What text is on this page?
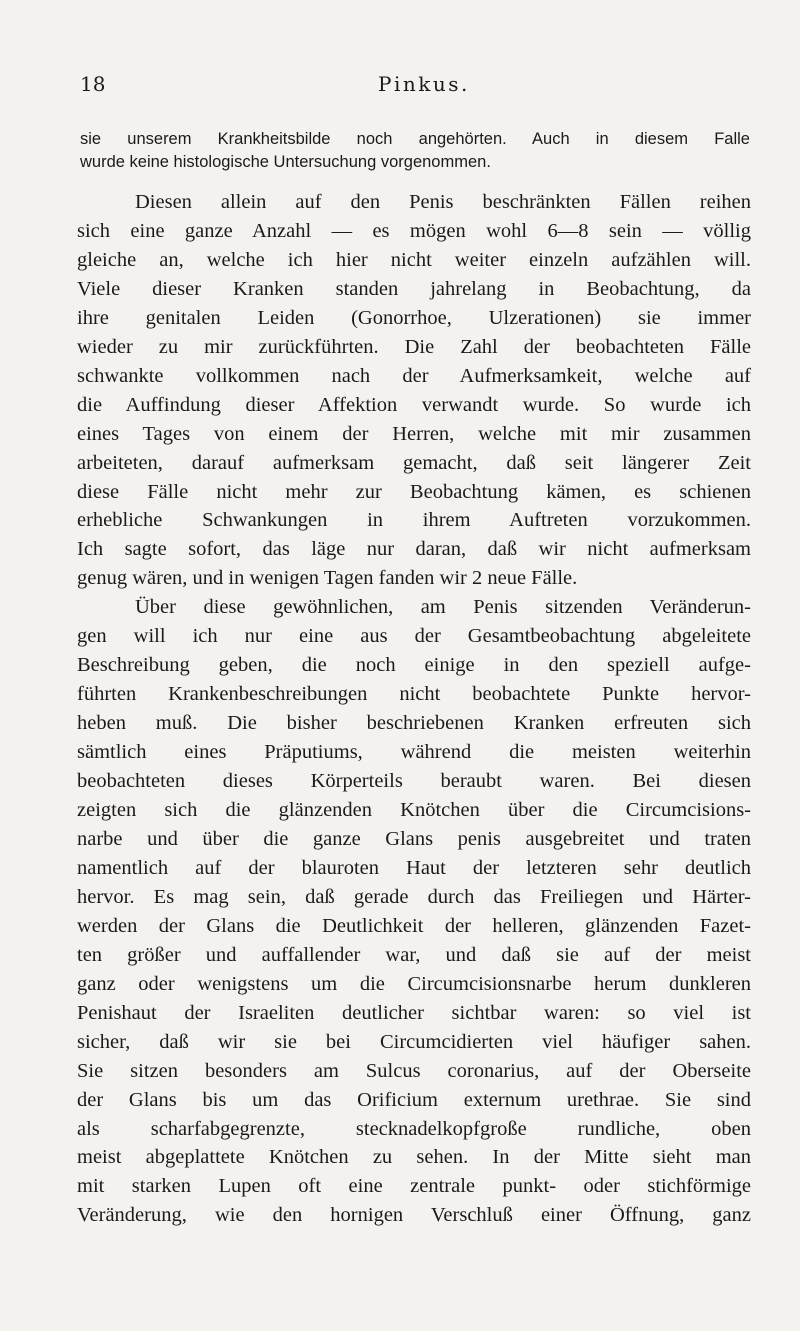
18	Pinkus.
sie unserem Krankheitsbilde noch angehörten. Auch in diesem Falle
wurde keine histologische Untersuchung vorgenommen.
Diesen allein auf den Penis beschränkten Fällen reihen
sich eine ganze Anzahl — es mögen wohl 6—8 sein — völlig
gleiche an, welche ich hier nicht weiter einzeln aufzählen will.
Viele dieser Kranken standen jahrelang in Beobachtung, da
ihre genitalen Leiden (Gonorrhoe, Ulzerationen) sie immer
wieder zu mir zurückführten. Die Zahl der beobachteten Fälle
schwankte vollkommen nach der Aufmerksamkeit, welche auf
die Auffindung dieser Affektion verwandt wurde. So wurde ich
eines Tages von einem der Herren, welche mit mir zusammen
arbeiteten, darauf aufmerksam gemacht, daß seit längerer Zeit
diese Fälle nicht mehr zur Beobachtung kämen, es schienen
erhebliche Schwankungen in ihrem Auftreten vorzukommen.
Ich sagte sofort, das läge nur daran, daß wir nicht aufmerksam
genug wären, und in wenigen Tagen fanden wir 2 neue Fälle.
Über diese gewöhnlichen, am Penis sitzenden Veränderun-
gen will ich nur eine aus der Gesamtbeobachtung abgeleitete
Beschreibung geben, die noch einige in den speziell aufge-
führten Krankenbeschreibungen nicht beobachtete Punkte hervor-
heben muß. Die bisher beschriebenen Kranken erfreuten sich
sämtlich eines Präputiums, während die meisten weiterhin
beobachteten dieses Körperteils beraubt waren. Bei diesen
zeigten sich die glänzenden Knötchen über die Circumcisions-
narbe und über die ganze Glans penis ausgebreitet und traten
namentlich auf der blauroten Haut der letzteren sehr deutlich
hervor. Es mag sein, daß gerade durch das Freiliegen und Härter-
werden der Glans die Deutlichkeit der helleren, glänzenden Fazet-
ten größer und auffallender war, und daß sie auf der meist
ganz oder wenigstens um die Circumcisionsnarbe herum dunkleren
Penishaut der Israeliten deutlicher sichtbar waren: so viel ist
sicher, daß wir sie bei Circumcidierten viel häufiger sahen.
Sie sitzen besonders am Sulcus coronarius, auf der Oberseite
der Glans bis um das Orificium externum urethrae. Sie sind
als scharfabgegrenzte, stecknadelkopfgroße rundliche, oben
meist abgeplattete Knötchen zu sehen. In der Mitte sieht man
mit starken Lupen oft eine zentrale punkt- oder stichförmige
Veränderung, wie den hornigen Verschluß einer Öffnung, ganz
